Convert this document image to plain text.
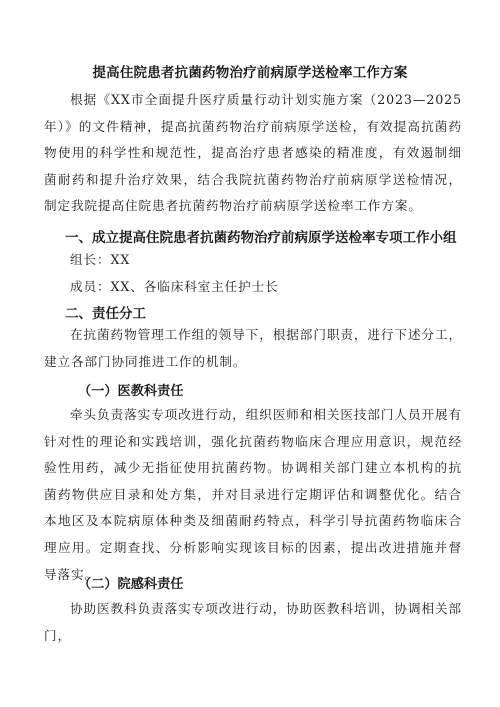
提高住院患者抗菌药物治疗前病原学送检率工作方案

根据《XX市全面提升医疗质量行动计划实施方案（2023—2025年）》的文件精神，提高抗菌药物治疗前病原学送检，有效提高抗菌药物使用的科学性和规范性，提高治疗患者感染的精准度，有效遏制细菌耐药和提升治疗效果，结合我院抗菌药物治疗前病原学送检情况，制定我院提高住院患者抗菌药物治疗前病原学送检率工作方案。

一、成立提高住院患者抗菌药物治疗前病原学送检率专项工作小组

组长：XX

成员：XX、各临床科室主任护士长

二、责任分工

在抗菌药物管理工作组的领导下，根据部门职责，进行下述分工，建立各部门协同推进工作的机制。

（一）医教科责任

牵头负责落实专项改进行动，组织医师和相关医技部门人员开展有针对性的理论和实践培训，强化抗菌药物临床合理应用意识，规范经验性用药，减少无指征使用抗菌药物。协调相关部门建立本机构的抗菌药物供应目录和处方集，并对目录进行定期评估和调整优化。结合本地区及本院病原体种类及细菌耐药特点，科学引导抗菌药物临床合理应用。定期查找、分析影响实现该目标的因素，提出改进措施并督导落实。

（二）院感科责任

协助医教科负责落实专项改进行动，协助医教科培训，协调相关部门，
